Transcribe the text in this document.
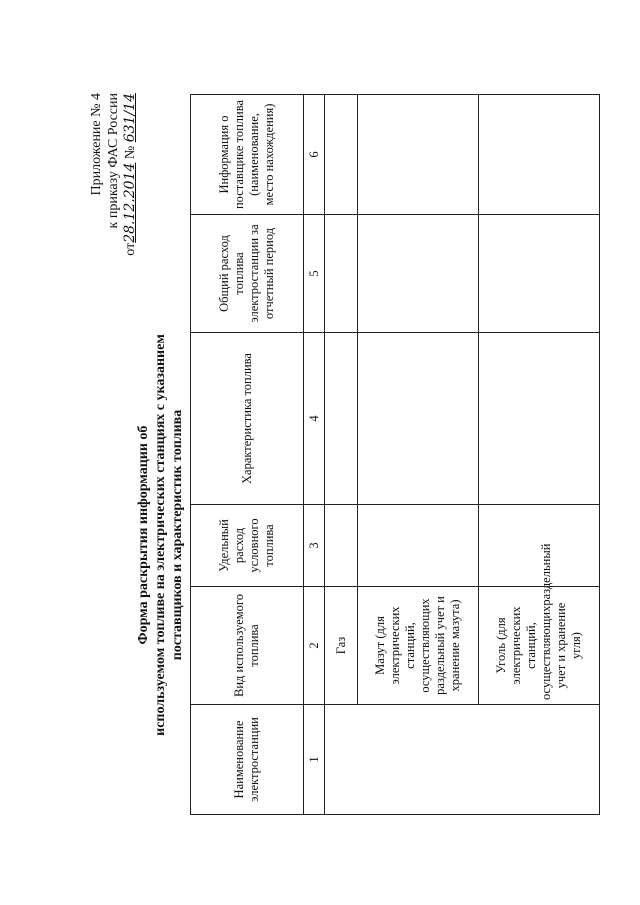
Приложение № 4 к приказу ФАС России
от28.12.2014 № 631/14
Форма раскрытия информации об используемом топливе на электрических станциях с указанием поставщиков и характеристик топлива
Наименование электростанции	Вид используемого топлива	Удельный расход условного топлива	Характеристика топлива	Общий расход топлива электростанции за отчетный период	Информация о поставщике топлива (наименование, место нахождения)
1	2	3	4	5	6
	Газ				
	Мазут (для электрических станций, осуществляющих раздельный учет и хранение мазута)				
	Уголь (для электрических станций, осуществляющихраздельный учет и хранение угля)				
